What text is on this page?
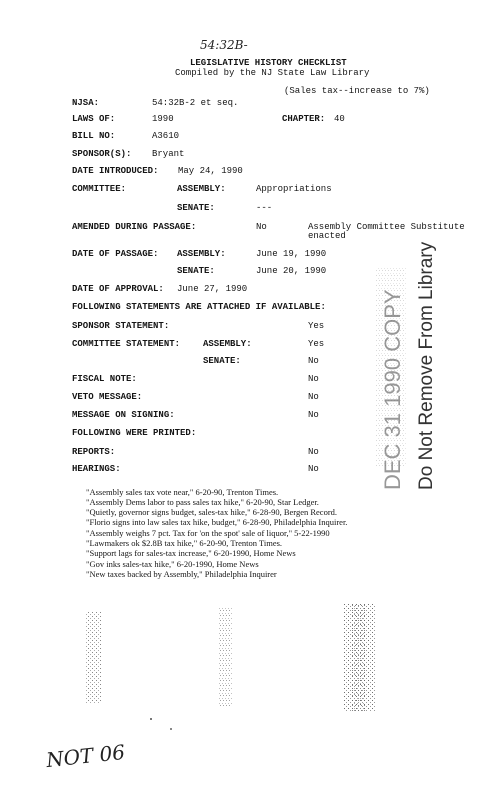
54:32B-
LEGISLATIVE HISTORY CHECKLIST
Compiled by the NJ State Law Library
(Sales tax--increase to 7%)
NJSA:	54:32B-2 et seq.
LAWS OF:	1990	CHAPTER: 40
BILL NO:	A3610
SPONSOR(S): Bryant
DATE INTRODUCED: May 24, 1990
COMMITTEE:	ASSEMBLY:	Appropriations
SENATE:	---
AMENDED DURING PASSAGE:	No	Assembly Committee Substitute
enacted
DATE OF PASSAGE: ASSEMBLY:	June 19, 1990
SENATE:	June 20, 1990
DATE OF APPROVAL: June 27, 1990
FOLLOWING STATEMENTS ARE ATTACHED IF AVAILABLE:
SPONSOR STATEMENT:	Yes
COMMITTEE STATEMENT:	ASSEMBLY:	Yes
SENATE:	No
FISCAL NOTE:	No
VETO MESSAGE:	No
MESSAGE ON SIGNING:	No
FOLLOWING WERE PRINTED:
REPORTS:	No
HEARINGS:	No
"Assembly sales tax vote near," 6-20-90, Trenton Times.
"Assembly Dems labor to pass sales tax hike," 6-20-90, Star Ledger.
"Quietly, governor signs budget, sales-tax hike," 6-28-90, Bergen Record.
"Florio signs into law sales tax hike, budget," 6-28-90, Philadelphia Inquirer.
"Assembly weighs 7 pct. Tax for 'on the spot' sale of liquor," 5-22-1990
"Lawmakers ok $2.8B tax hike," 6-20-90, Trenton Times.
"Support lags for sales-tax increase," 6-20-1990, Home News
"Gov inks sales-tax hike," 6-20-1990, Home News
"New taxes backed by Assembly," Philadelphia Inquirer
DEC 31 1990 COPY Do Not Remove From Library
NOT 06
